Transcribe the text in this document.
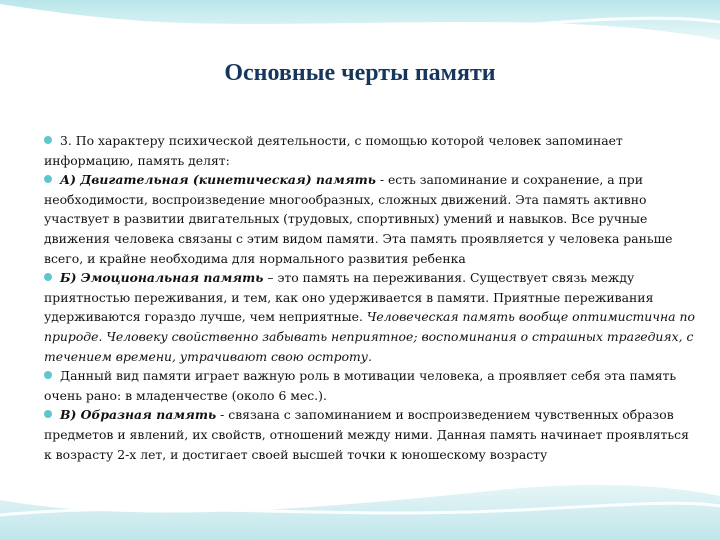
Основные черты памяти

3. По характеру психической деятельности, с помощью которой человек запоминает информацию, память делят:

А) Двигательная (кинетическая) память - есть запоминание и сохранение, а при необходимости, воспроизведение многообразных, сложных движений. Эта память активно участвует в развитии двигательных (трудовых, спортивных) умений и навыков. Все ручные движения человека связаны с этим видом памяти. Эта память проявляется у человека раньше всего, и крайне необходима для нормального развития ребенка

Б) Эмоциональная память – это память на переживания. Существует связь между приятностью переживания, и тем, как оно удерживается в памяти. Приятные переживания удерживаются гораздо лучше, чем неприятные. Человеческая память вообще оптимистична по природе. Человеку свойственно забывать неприятное; воспоминания о страшных трагедиях, с течением времени, утрачивают свою остроту.

Данный вид памяти играет важную роль в мотивации человека, а проявляет себя эта память очень рано: в младенчестве (около 6 мес.).

В) Образная память - связана с запоминанием и воспроизведением чувственных образов предметов и явлений, их свойств, отношений между ними. Данная память начинает проявляться к возрасту 2-х лет, и достигает своей высшей точки к юношескому возрасту
